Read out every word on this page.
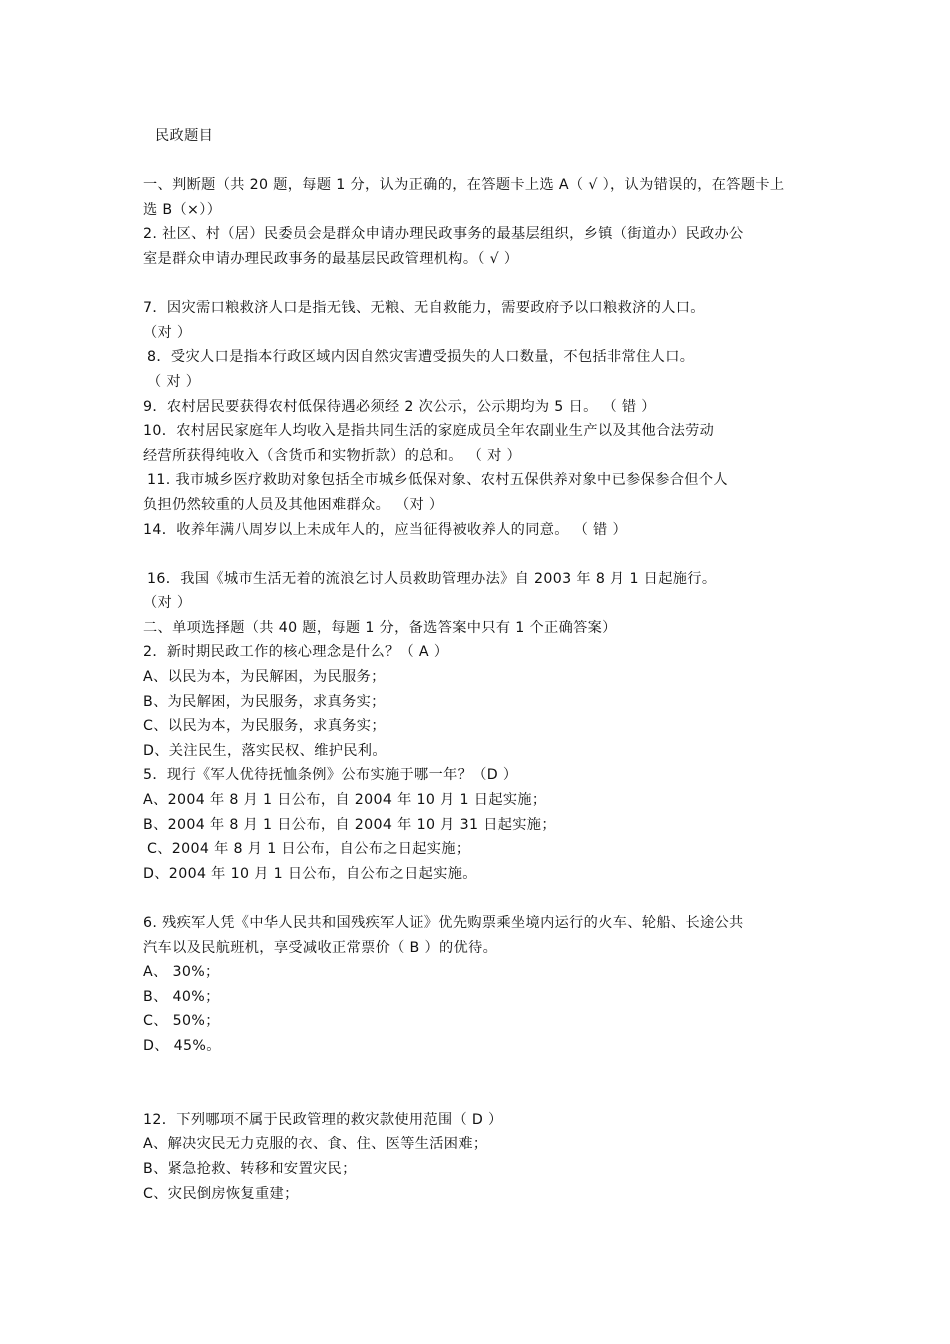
民政题目
一、判断题（共 20 题，每题 1 分，认为正确的，在答题卡上选 A（ √ ），认为错误的，在答题卡上
选 B（×））
2. 社区、村（居）民委员会是群众申请办理民政事务的最基层组织，乡镇（街道办）民政办公
室是群众申请办理民政事务的最基层民政管理机构。（ √ ）
7．因灾需口粮救济人口是指无钱、无粮、无自救能力，需要政府予以口粮救济的人口。
（对 ）
8．受灾人口是指本行政区域内因自然灾害遭受损失的人口数量，不包括非常住人口。
（ 对 ）
9．农村居民要获得农村低保待遇必须经 2 次公示，公示期均为 5 日。 （ 错 ）
10．农村居民家庭年人均收入是指共同生活的家庭成员全年农副业生产以及其他合法劳动
经营所获得纯收入（含货币和实物折款）的总和。 （ 对 ）
11. 我市城乡医疗救助对象包括全市城乡低保对象、农村五保供养对象中已参保参合但个人
负担仍然较重的人员及其他困难群众。 （对 ）
14．收养年满八周岁以上未成年人的，应当征得被收养人的同意。 （ 错 ）
16．我国《城市生活无着的流浪乞讨人员救助管理办法》自 2003 年 8 月 1 日起施行。
（对 ）
二、单项选择题（共 40 题，每题 1 分，备选答案中只有 1 个正确答案）
2．新时期民政工作的核心理念是什么？（ A ）
A、以民为本，为民解困，为民服务；
B、为民解困，为民服务，求真务实；
C、以民为本，为民服务，求真务实；
D、关注民生，落实民权、维护民利。
5．现行《军人优待抚恤条例》公布实施于哪一年？（D ）
A、2004 年 8 月 1 日公布，自 2004 年 10 月 1 日起实施；
B、2004 年 8 月 1 日公布，自 2004 年 10 月 31 日起实施；
C、2004 年 8 月 1 日公布，自公布之日起实施；
D、2004 年 10 月 1 日公布，自公布之日起实施。
6. 残疾军人凭《中华人民共和国残疾军人证》优先购票乘坐境内运行的火车、轮船、长途公共
汽车以及民航班机，享受减收正常票价（ B ）的优待。
A、 30%；
B、 40%；
C、 50%；
D、 45%。
12．下列哪项不属于民政管理的救灾款使用范围（ D ）
A、解决灾民无力克服的衣、食、住、医等生活困难；
B、紧急抢救、转移和安置灾民；
C、灾民倒房恢复重建；
